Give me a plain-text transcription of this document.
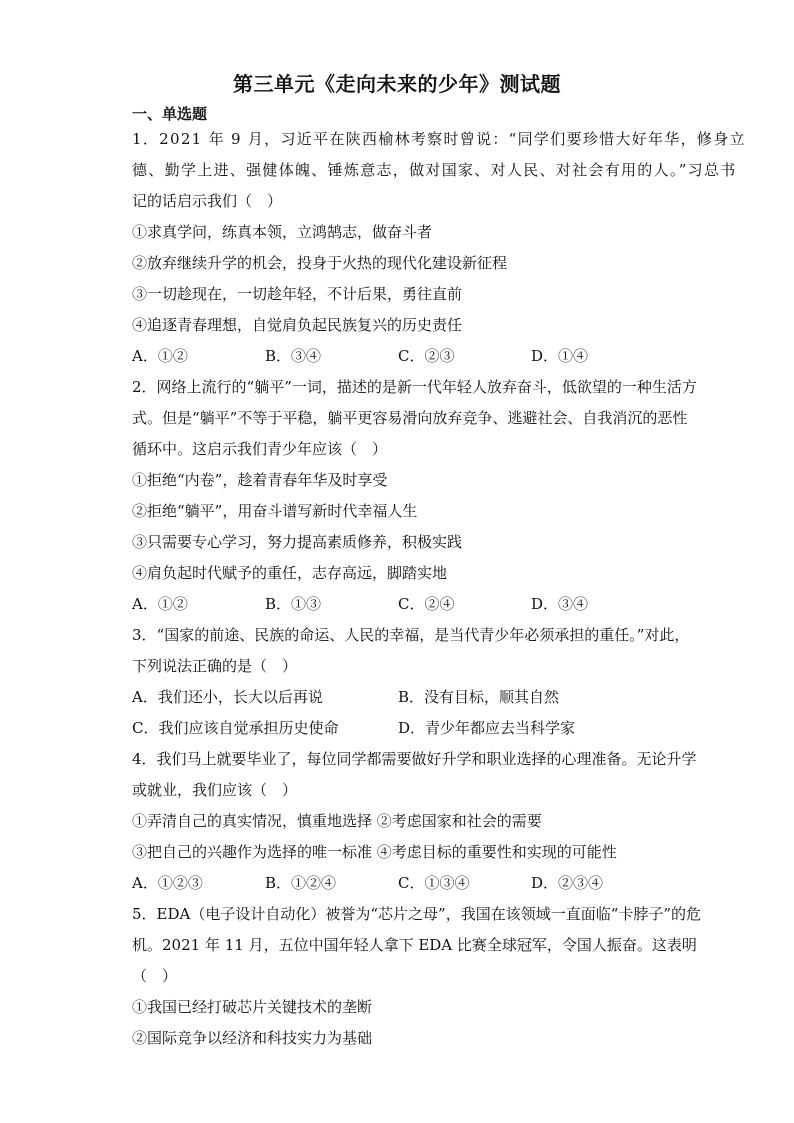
第三单元《走向未来的少年》测试题
一、单选题
1．2021 年 9 月，习近平在陕西榆林考察时曾说：“同学们要珍惜大好年华，修身立
德、勤学上进、强健体魄、锤炼意志，做对国家、对人民、对社会有用的人。”习总书
记的话启示我们（　）
①求真学问，练真本领，立鸿鹄志，做奋斗者
②放弃继续升学的机会，投身于火热的现代化建设新征程
③一切趁现在，一切趁年轻，不计后果，勇往直前
④追逐青春理想，自觉肩负起民族复兴的历史责任
A．①②	B．③④	C．②③	D．①④
2．网络上流行的“躺平”一词，描述的是新一代年轻人放弃奋斗，低欲望的一种生活方
式。但是“躺平”不等于平稳，躺平更容易滑向放弃竞争、逃避社会、自我消沉的恶性
循环中。这启示我们青少年应该（　）
①拒绝“内卷”，趁着青春年华及时享受
②拒绝“躺平”，用奋斗谱写新时代幸福人生
③只需要专心学习，努力提高素质修养，积极实践
④肩负起时代赋予的重任，志存高远，脚踏实地
A．①②	B．①③	C．②④	D．③④
3．“国家的前途、民族的命运、人民的幸福，是当代青少年必须承担的重任。”对此，
下列说法正确的是（　）
A．我们还小，长大以后再说	B．没有目标，顺其自然
C．我们应该自觉承担历史使命	D．青少年都应去当科学家
4．我们马上就要毕业了，每位同学都需要做好升学和职业选择的心理准备。无论升学
或就业，我们应该（　）
①弄清自己的真实情况，慎重地选择 ②考虑国家和社会的需要
③把自己的兴趣作为选择的唯一标准 ④考虑目标的重要性和实现的可能性
A．①②③	B．①②④	C．①③④	D．②③④
5．EDA（电子设计自动化）被誉为“芯片之母”，我国在该领域一直面临“卡脖子”的危
机。2021 年 11 月，五位中国年轻人拿下 EDA 比赛全球冠军，令国人振奋。这表明
（　）
①我国已经打破芯片关键技术的垄断
②国际竞争以经济和科技实力为基础
